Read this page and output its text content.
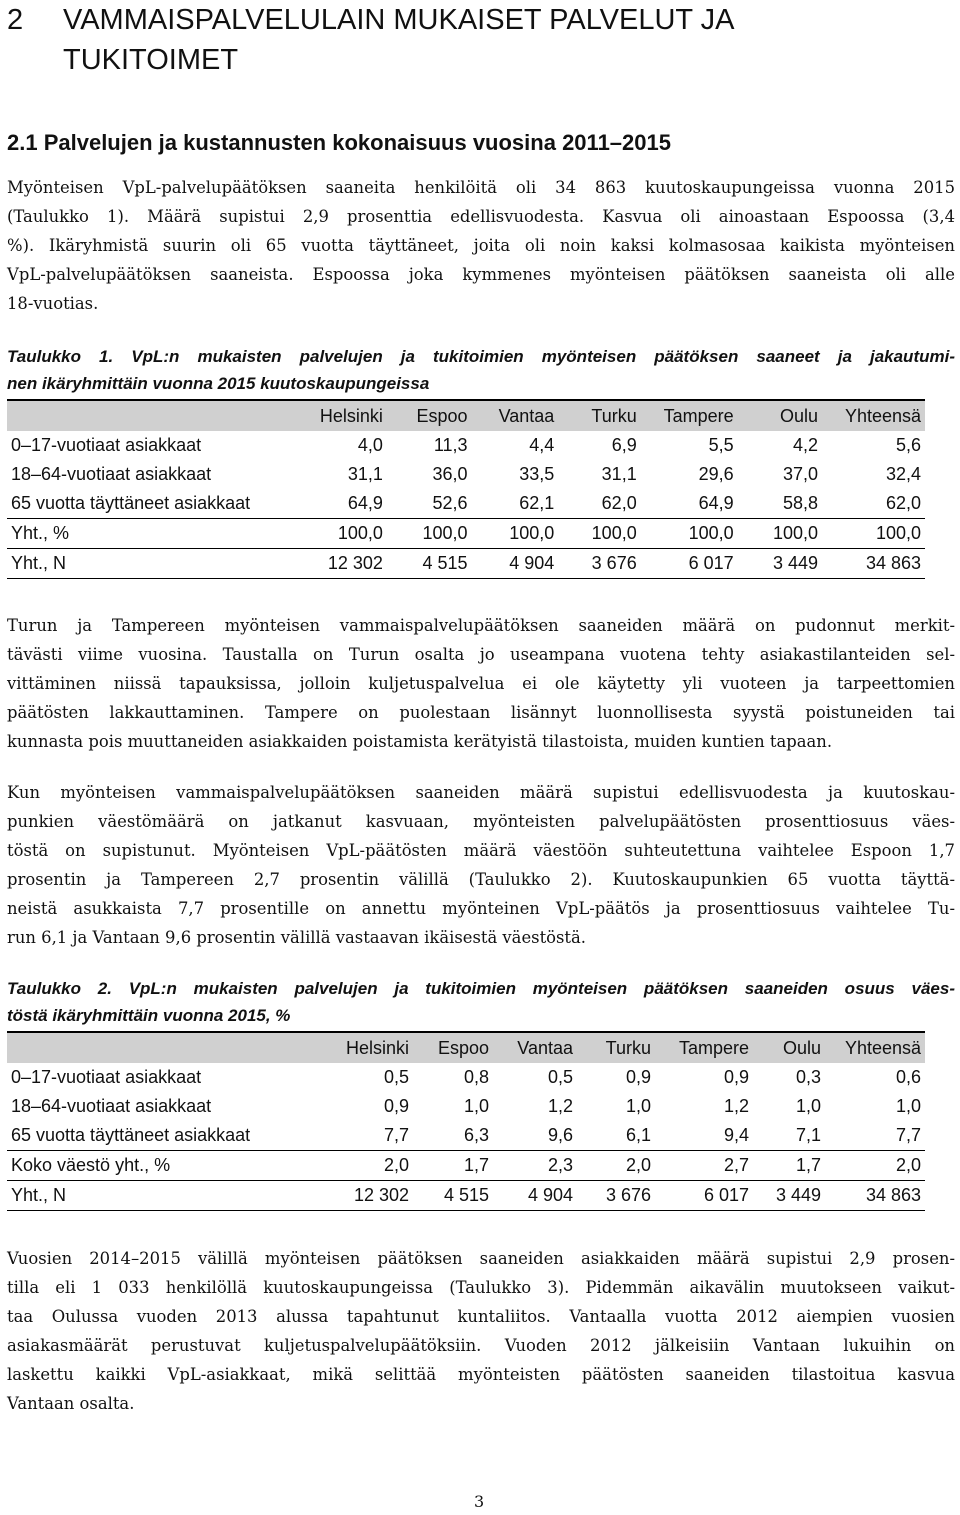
2 VAMMAISPALVELULAIN MUKAISET PALVELUT JA
TUKITOIMET
2.1 Palvelujen ja kustannusten kokonaisuus vuosina 2011–2015
Myönteisen VpL-palvelupäätöksen saaneita henkilöitä oli 34 863 kuutoskaupungeissa vuonna 2015
(Taulukko 1). Määrä supistui 2,9 prosenttia edellisvuodesta. Kasvua oli ainoastaan Espoossa (3,4
%). Ikäryhmistä suurin oli 65 vuotta täyttäneet, joita oli noin kaksi kolmasosaa kaikista myönteisen
VpL-palvelupäätöksen saaneista. Espoossa joka kymmenes myönteisen päätöksen saaneista oli alle
18-vuotias.
Taulukko 1. VpL:n mukaisten palvelujen ja tukitoimien myönteisen päätöksen saaneet ja jakautumi-
nen ikäryhmittäin vuonna 2015 kuutoskaupungeissa
	Helsinki	Espoo	Vantaa	Turku	Tampere	Oulu	Yhteensä
0–17-vuotiaat asiakkaat	4,0	11,3	4,4	6,9	5,5	4,2	5,6
18–64-vuotiaat asiakkaat	31,1	36,0	33,5	31,1	29,6	37,0	32,4
65 vuotta täyttäneet asiakkaat	64,9	52,6	62,1	62,0	64,9	58,8	62,0
Yht., %	100,0	100,0	100,0	100,0	100,0	100,0	100,0
Yht., N	12 302	4 515	4 904	3 676	6 017	3 449	34 863
Turun ja Tampereen myönteisen vammaispalvelupäätöksen saaneiden määrä on pudonnut merkit-
tävästi viime vuosina. Taustalla on Turun osalta jo useampana vuotena tehty asiakastilanteiden sel-
vittäminen niissä tapauksissa, jolloin kuljetuspalvelua ei ole käytetty yli vuoteen ja tarpeettomien
päätösten lakkauttaminen. Tampere on puolestaan lisännyt luonnollisesta syystä poistuneiden tai
kunnasta pois muuttaneiden asiakkaiden poistamista kerätyistä tilastoista, muiden kuntien tapaan.
Kun myönteisen vammaispalvelupäätöksen saaneiden määrä supistui edellisvuodesta ja kuutoskau-
punkien väestömäärä on jatkanut kasvuaan, myönteisten palvelupäätösten prosenttiosuus väes-
töstä on supistunut. Myönteisen VpL-päätösten määrä väestöön suhteutettuna vaihtelee Espoon 1,7
prosentin ja Tampereen 2,7 prosentin välillä (Taulukko 2). Kuutoskaupunkien 65 vuotta täyttä-
neistä asukkaista 7,7 prosentille on annettu myönteinen VpL-päätös ja prosenttiosuus vaihtelee Tu-
run 6,1 ja Vantaan 9,6 prosentin välillä vastaavan ikäisestä väestöstä.
Taulukko 2. VpL:n mukaisten palvelujen ja tukitoimien myönteisen päätöksen saaneiden osuus väes-
töstä ikäryhmittäin vuonna 2015, %
	Helsinki	Espoo	Vantaa	Turku	Tampere	Oulu	Yhteensä
0–17-vuotiaat asiakkaat	0,5	0,8	0,5	0,9	0,9	0,3	0,6
18–64-vuotiaat asiakkaat	0,9	1,0	1,2	1,0	1,2	1,0	1,0
65 vuotta täyttäneet asiakkaat	7,7	6,3	9,6	6,1	9,4	7,1	7,7
Koko väestö yht., %	2,0	1,7	2,3	2,0	2,7	1,7	2,0
Yht., N	12 302	4 515	4 904	3 676	6 017	3 449	34 863
Vuosien 2014–2015 välillä myönteisen päätöksen saaneiden asiakkaiden määrä supistui 2,9 prosen-
tilla eli 1 033 henkilöllä kuutoskaupungeissa (Taulukko 3). Pidemmän aikavälin muutokseen vaikut-
taa Oulussa vuoden 2013 alussa tapahtunut kuntaliitos. Vantaalla vuotta 2012 aiempien vuosien
asiakasmäärät perustuvat kuljetuspalvelupäätöksiin. Vuoden 2012 jälkeisiin Vantaan lukuihin on
laskettu kaikki VpL-asiakkaat, mikä selittää myönteisten päätösten saaneiden tilastoitua kasvua
Vantaan osalta.
3
